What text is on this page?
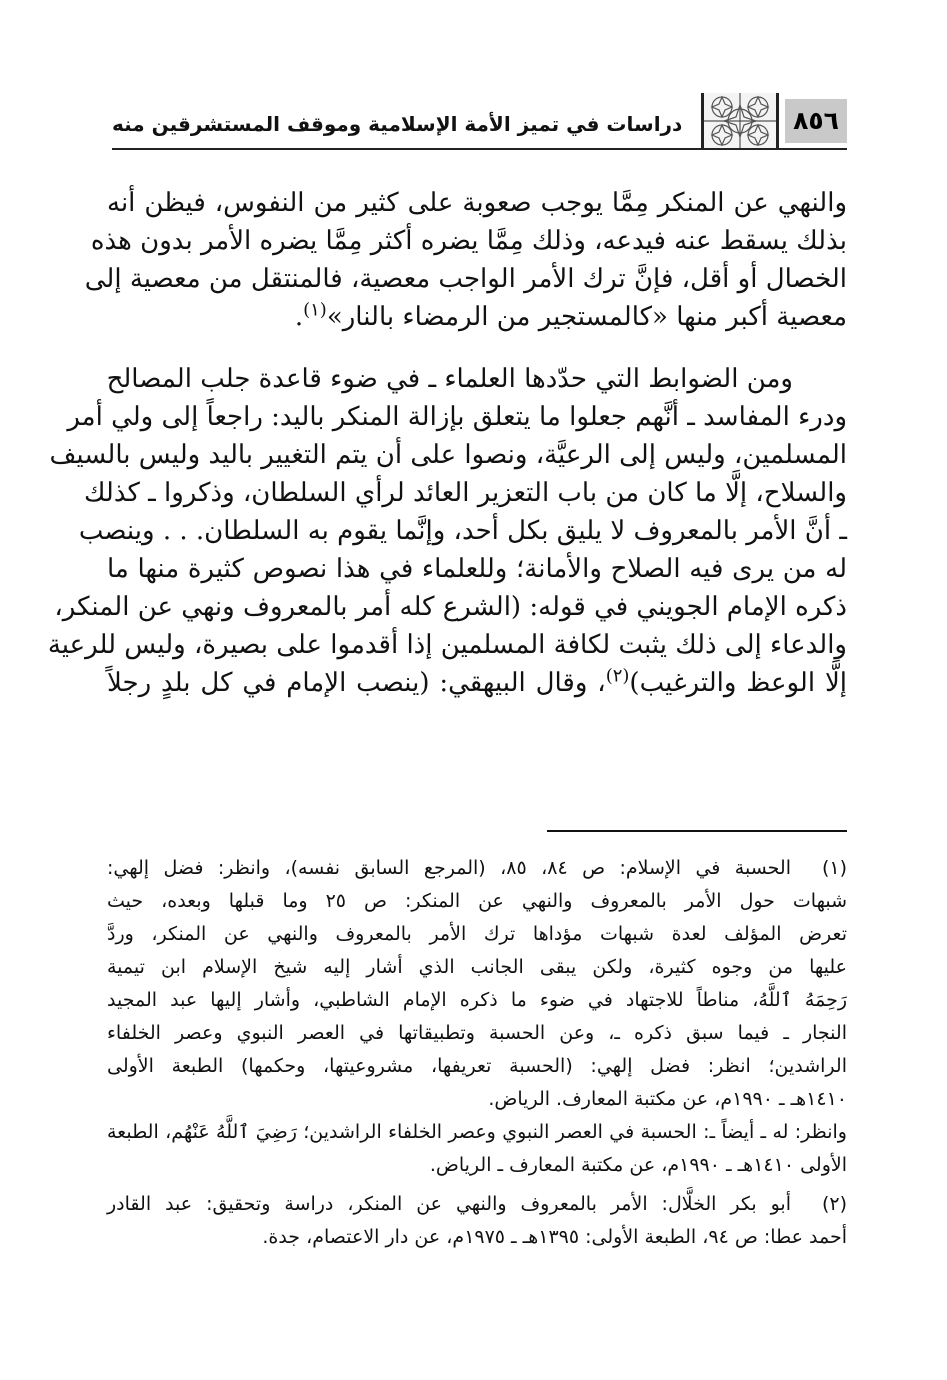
٨٥٦
دراسات في تميز الأمة الإسلامية وموقف المستشرقين منه
والنهي عن المنكر مِمَّا يوجب صعوبة على كثير من النفوس، فيظن أنه
بذلك يسقط عنه فيدعه، وذلك مِمَّا يضره أكثر مِمَّا يضره الأمر بدون هذه
الخصال أو أقل، فإنَّ ترك الأمر الواجب معصية، فالمنتقل من معصية إلى
معصية أكبر منها «كالمستجير من الرمضاء بالنار»$^{(١)}$.
ومن الضوابط التي حدّدها العلماء ـ في ضوء قاعدة جلب المصالح
ودرء المفاسد ـ أنَّهم جعلوا ما يتعلق بإزالة المنكر باليد: راجعاً إلى ولي أمر
المسلمين، وليس إلى الرعيَّة، ونصوا على أن يتم التغيير باليد وليس بالسيف
والسلاح، إلَّا ما كان من باب التعزير العائد لرأي السلطان، وذكروا ـ كذلك
ـ أنَّ الأمر بالمعروف لا يليق بكل أحد، وإنَّما يقوم به السلطان. . . وينصب
له من يرى فيه الصلاح والأمانة؛ وللعلماء في هذا نصوص كثيرة منها ما
ذكره الإمام الجويني في قوله: (الشرع كله أمر بالمعروف ونهي عن المنكر،
والدعاء إلى ذلك يثبت لكافة المسلمين إذا أقدموا على بصيرة، وليس للرعية
إلَّا الوعظ والترغيب)$^{(٢)}$، وقال البيهقي: (ينصب الإمام في كل بلدٍ رجلاً
(١)
الحسبة في الإسلام: ص ٨٤، ٨٥، (المرجع السابق نفسه)، وانظر: فضل إلهي:
شبهات حول الأمر بالمعروف والنهي عن المنكر: ص ٢٥ وما قبلها وبعده، حيث
تعرض المؤلف لعدة شبهات مؤداها ترك الأمر بالمعروف والنهي عن المنكر، وردَّ
عليها من وجوه كثيرة، ولكن يبقى الجانب الذي أشار إليه شيخ الإسلام ابن تيمية
رَحِمَهُ ٱللَّهُ، مناطاً للاجتهاد في ضوء ما ذكره الإمام الشاطبي، وأشار إليها عبد المجيد
النجار ـ فيما سبق ذكره ـ، وعن الحسبة وتطبيقاتها في العصر النبوي وعصر الخلفاء
الراشدين؛ انظر: فضل إلهي: (الحسبة تعريفها، مشروعيتها، وحكمها) الطبعة الأولى
١٤١٠هـ ـ ١٩٩٠م، عن مكتبة المعارف. الرياض.
وانظر: له ـ أيضاً ـ: الحسبة في العصر النبوي وعصر الخلفاء الراشدين؛ رَضِيَ ٱللَّهُ عَنْهُم، الطبعة
الأولى ١٤١٠هـ ـ ١٩٩٠م، عن مكتبة المعارف ـ الرياض.
(٢)
أبو بكر الخلَّال: الأمر بالمعروف والنهي عن المنكر، دراسة وتحقيق: عبد القادر
أحمد عطا: ص ٩٤، الطبعة الأولى: ١٣٩٥هـ ـ ١٩٧٥م، عن دار الاعتصام، جدة.
